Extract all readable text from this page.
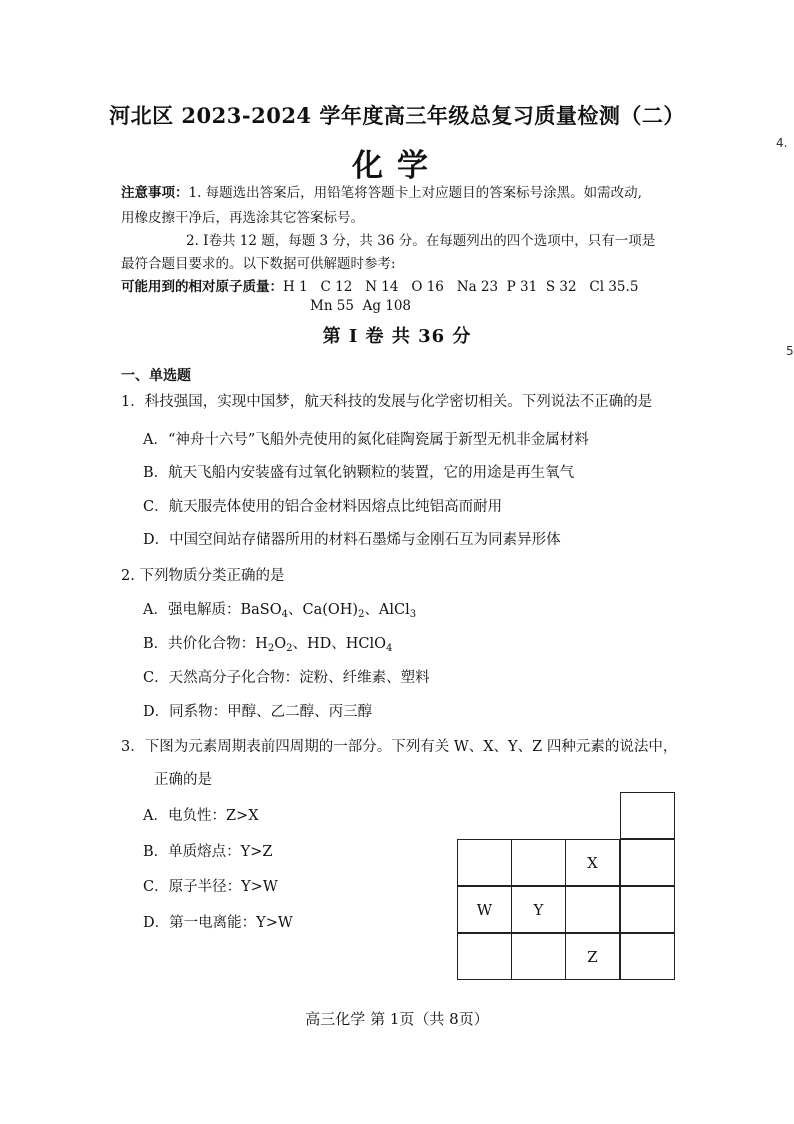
河北区 2023-2024 学年度高三年级总复习质量检测（二）
4.
化学
5
注意事项：1. 每题选出答案后，用铅笔将答题卡上对应题目的答案标号涂黑。如需改动,
用橡皮擦干净后，再选涂其它答案标号。
2. Ⅰ卷共 12 题，每题 3 分，共 36 分。在每题列出的四个选项中，只有一项是
最符合题目要求的。以下数据可供解题时参考:
可能用到的相对原子质量：H 1   C 12   N 14   O 16   Na 23  P 31  S 32   Cl 35.5
Mn 55  Ag 108
第 I 卷 共 36 分
一、单选题
1．科技强国，实现中国梦，航天科技的发展与化学密切相关。下列说法不正确的是
A．“神舟十六号”飞船外壳使用的氮化硅陶瓷属于新型无机非金属材料
B．航天飞船内安装盛有过氧化钠颗粒的装置，它的用途是再生氧气
C．航天服壳体使用的铝合金材料因熔点比纯铝高而耐用
D．中国空间站存储器所用的材料石墨烯与金刚石互为同素异形体
2. 下列物质分类正确的是
A．强电解质：BaSO$_4$、$Ca(OH)_2$、AlCl$_3$
B．共价化合物：$H_2O_2$、HD、HClO$_4$
C．天然高分子化合物：淀粉、纤维素、塑料
D．同系物：甲醇、乙二醇、丙三醇
3．下图为元素周期表前四周期的一部分。下列有关 W、X、Y、Z 四种元素的说法中，
正确的是
A．电负性：Z>X
B．单质熔点：Y>Z
C．原子半径：Y>W
D．第一电离能：Y>W
X
W	Y
Z
高三化学 第 1页（共 8页）
